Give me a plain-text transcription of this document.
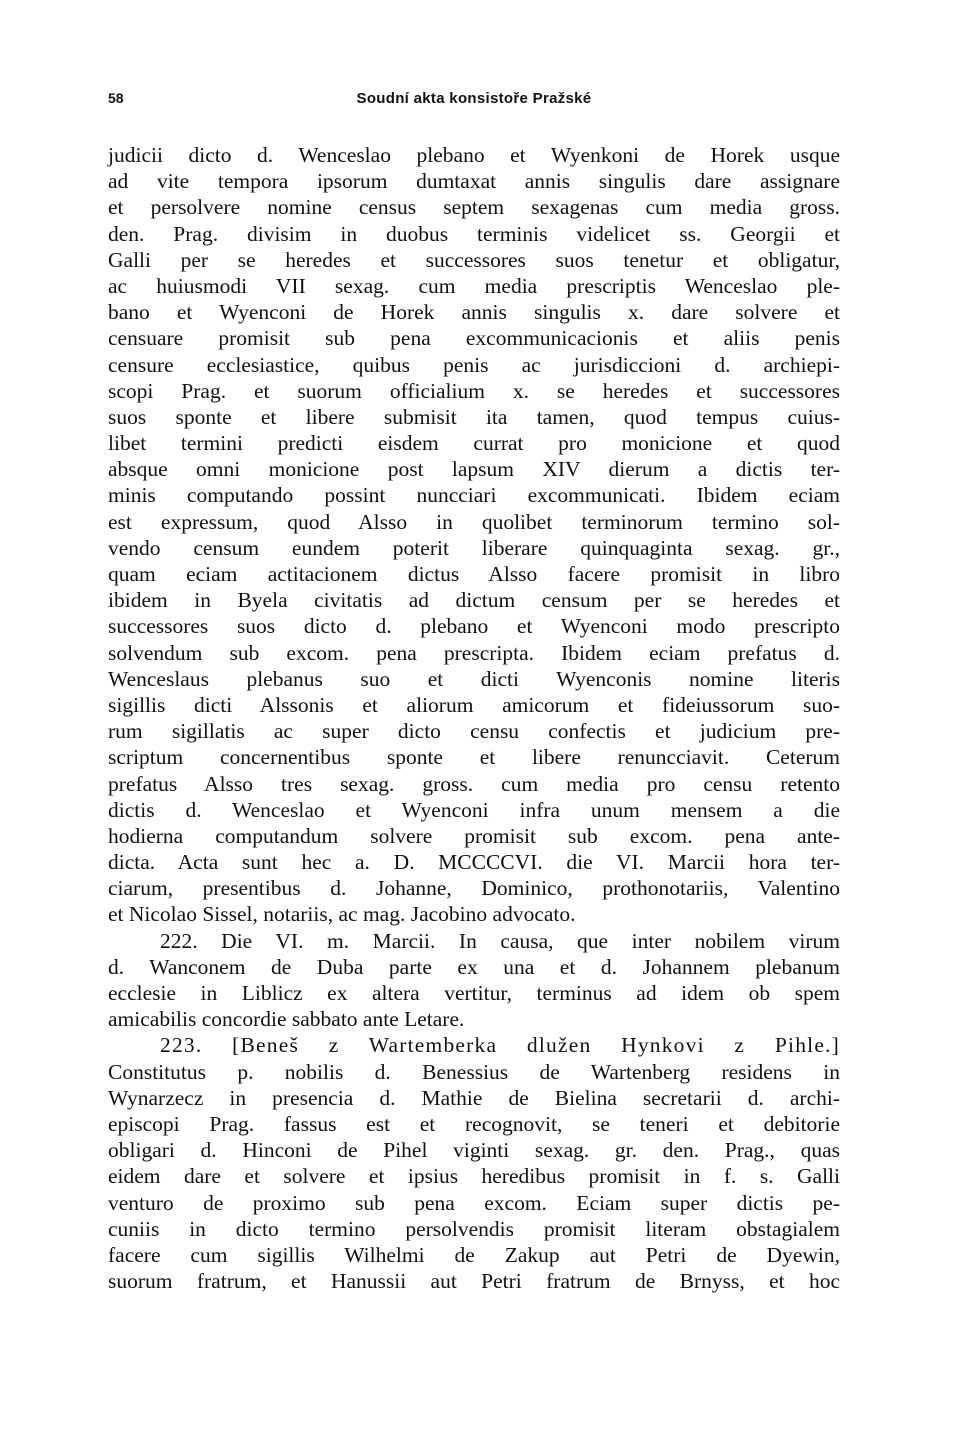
58	Soudní akta konsistoře Pražské
judicii dicto d. Wenceslao plebano et Wyenkoni de Horek usque
ad vite tempora ipsorum dumtaxat annis singulis dare assignare
et persolvere nomine census septem sexagenas cum media gross.
den. Prag. divisim in duobus terminis videlicet ss. Georgii et
Galli per se heredes et successores suos tenetur et obligatur,
ac huiusmodi VII sexag. cum media prescriptis Wenceslao ple-
bano et Wyenconi de Horek annis singulis x. dare solvere et
censuare promisit sub pena excommunicacionis et aliis penis
censure ecclesiastice, quibus penis ac jurisdiccioni d. archiepi-
scopi Prag. et suorum officialium x. se heredes et successores
suos sponte et libere submisit ita tamen, quod tempus cuius-
libet termini predicti eisdem currat pro monicione et quod
absque omni monicione post lapsum XIV dierum a dictis ter-
minis computando possint nuncciari excommunicati. Ibidem eciam
est expressum, quod Alsso in quolibet terminorum termino sol-
vendo censum eundem poterit liberare quinquaginta sexag. gr.,
quam eciam actitacionem dictus Alsso facere promisit in libro
ibidem in Byela civitatis ad dictum censum per se heredes et
successores suos dicto d. plebano et Wyenconi modo prescripto
solvendum sub excom. pena prescripta. Ibidem eciam prefatus d.
Wenceslaus plebanus suo et dicti Wyenconis nomine literis
sigillis dicti Alssonis et aliorum amicorum et fideiussorum suo-
rum sigillatis ac super dicto censu confectis et judicium pre-
scriptum concernentibus sponte et libere renuncciavit. Ceterum
prefatus Alsso tres sexag. gross. cum media pro censu retento
dictis d. Wenceslao et Wyenconi infra unum mensem a die
hodierna computandum solvere promisit sub excom. pena ante-
dicta. Acta sunt hec a. D. MCCCCVI. die VI. Marcii hora ter-
ciarum, presentibus d. Johanne, Dominico, prothonotariis, Valentino
et Nicolao Sissel, notariis, ac mag. Jacobino advocato.
222. Die VI. m. Marcii. In causa, que inter nobilem virum
d. Wanconem de Duba parte ex una et d. Johannem plebanum
ecclesie in Liblicz ex altera vertitur, terminus ad idem ob spem
amicabilis concordie sabbato ante Letare.
223. [Beneš z Wartemberka dlužen Hynkovi z Pihle.]
Constitutus p. nobilis d. Benessius de Wartenberg residens in
Wynarzecz in presencia d. Mathie de Bielina secretarii d. archi-
episcopi Prag. fassus est et recognovit, se teneri et debitorie
obligari d. Hinconi de Pihel viginti sexag. gr. den. Prag., quas
eidem dare et solvere et ipsius heredibus promisit in f. s. Galli
venturo de proximo sub pena excom. Eciam super dictis pe-
cuniis in dicto termino persolvendis promisit literam obstagialem
facere cum sigillis Wilhelmi de Zakup aut Petri de Dyewin,
suorum fratrum, et Hanussii aut Petri fratrum de Brnyss, et hoc
